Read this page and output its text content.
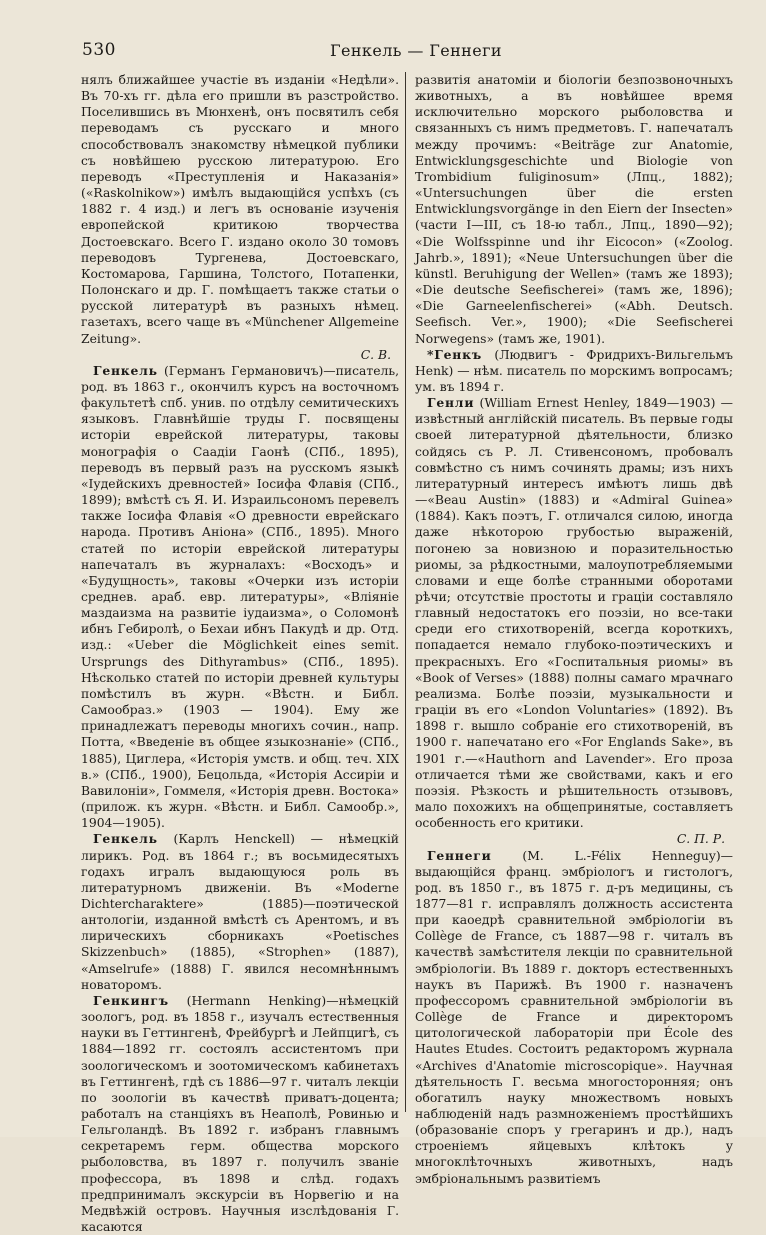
530	Генкель — Геннеги

нялъ ближайшее участіе въ изданіи «Недѣли». Въ 70-хъ гг. дѣла его пришли въ разстройство. Поселившись въ Мюнхенѣ, онъ посвятилъ себя переводамъ съ русскаго и много способствовалъ знакомству нѣмецкой публики съ новѣйшею русскою литературою. Его переводъ «Преступленія и Наказанія» («Raskolnikow») имѣлъ выдающійся успѣхъ (съ 1882 г. 4 изд.) и легъ въ основаніе изученія европейской критикою творчества Достоевскаго. Всего Г. издано около 30 томовъ переводовъ Тургенева, Достоевскаго, Костомарова, Гаршина, Толстого, Потапенки, Полонскаго и др. Г. помѣщаетъ также статьи о русской литературѣ въ разныхъ нѣмец. газетахъ, всего чаще въ «Münchener Allgemeine Zeitung».

С. В.

Генкель (Германъ Германовичъ)—писатель, род. въ 1863 г., окончилъ курсъ на восточномъ факультетѣ спб. унив. по отдѣлу семитическихъ языковъ. Главнѣйшіе труды Г. посвящены исторіи еврейской литературы, таковы монографія о Саадіи Гаонѣ (СПб., 1895), переводъ въ первый разъ на русскомъ языкѣ «Іудейскихъ древностей» Іосифа Флавія (СПб., 1899); вмѣстѣ съ Я. И. Израильсономъ перевелъ также Іосифа Флавія «О древности еврейскаго народа. Противъ Аніона» (СПб., 1895). Много статей по исторіи еврейской литературы напечаталъ въ журналахъ: «Восходъ» и «Будущность», таковы «Очерки изъ исторіи среднев. араб. евр. литературы», «Вліяніе маздаизма на развитіе іудаизма», о Соломонѣ ибнъ Гебиролѣ, о Бехаи ибнъ Пакудѣ и др. Отд. изд.: «Ueber die Möglichkeit eines semit. Ursprungs des Dithyrambus» (СПб., 1895). Нѣсколько статей по исторіи древней культуры помѣстилъ въ журн. «Вѣстн. и Библ. Самообраз.» (1903 — 1904). Ему же принадлежатъ переводы многихъ сочин., напр. Потта, «Введеніе въ общее языкознаніе» (СПб., 1885), Циглера, «Исторія умств. и общ. теч. XIX в.» (СПб., 1900), Бецольда, «Исторія Ассиріи и Вавилоніи», Гоммеля, «Исторія древн. Востока» (прилож. къ журн. «Вѣстн. и Библ. Самообр.», 1904—1905).

Генкель (Карлъ Henckell) — нѣмецкій лирикъ. Род. въ 1864 г.; въ восьмидесятыхъ годахъ игралъ выдающуюся роль въ литературномъ движеніи. Въ «Moderne Dichtercharaktere» (1885)—поэтической антологіи, изданной вмѣстѣ съ Арентомъ, и въ лирическихъ сборникахъ «Poetisches Skizzenbuch» (1885), «Strophen» (1887), «Amselrufe» (1888) Г. явился несомнѣннымъ новаторомъ.

Генкингъ (Hermann Henking)—нѣмецкій зоологъ, род. въ 1858 г., изучалъ естественныя науки въ Геттингенѣ, Фрейбургѣ и Лейпцигѣ, съ 1884—1892 гг. состоялъ ассистентомъ при зоологическомъ и зоотомическомъ кабинетахъ въ Геттингенѣ, гдѣ съ 1886—97 г. читалъ лекціи по зоологіи въ качествѣ приватъ-доцента; работалъ на станціяхъ въ Неаполѣ, Ровинью и Гельголандѣ. Въ 1892 г. избранъ главнымъ секретаремъ герм. общества морского рыболовства, въ 1897 г. получилъ званіе профессора, въ 1898 и слѣд. годахъ предпринималъ экскурсіи въ Норвегію и на Медвѣжій островъ. Научныя изслѣдованія Г. касаются

развитія анатоміи и біологіи безпозвоночныхъ животныхъ, а въ новѣйшее время исключительно морского рыболовства и связанныхъ съ нимъ предметовъ. Г. напечаталъ между прочимъ: «Beiträge zur Anatomie, Entwicklungsgeschichte und Biologie von Trombidium fuliginosum» (Лпц., 1882); «Untersuchungen über die ersten Entwicklungsvorgänge in den Eiern der Insecten» (части I—III, съ 18-ю табл., Лпц., 1890—92); «Die Wolfsspinne und ihr Eicocon» («Zoolog. Jahrb.», 1891); «Neue Untersuchungen über die künstl. Beruhigung der Wellen» (тамъ же 1893); «Die deutsche Seefischerei» (тамъ же, 1896); «Die Garneelenfischerei» («Abh. Deutsch. Seefisch. Ver.», 1900); «Die Seefischerei Norwegens» (тамъ же, 1901).

*Генкъ (Людвигъ - Фридрихъ-Вильгельмъ Henk) — нѣм. писатель по морскимъ вопросамъ; ум. въ 1894 г.

Генли (William Ernest Henley, 1849—1903) — извѣстный англійскій писатель. Въ первые годы своей литературной дѣятельности, близко сойдясь съ Р. Л. Стивенсономъ, пробовалъ совмѣстно съ нимъ сочинять драмы; изъ нихъ литературный интересъ имѣютъ лишь двѣ—«Beau Austin» (1883) и «Admiral Guinea» (1884). Какъ поэтъ, Г. отличался силою, иногда даже нѣкоторою грубостью выраженій, погонею за новизною и поразительностью риомы, за рѣдкостными, малоупотребляемыми словами и еще болѣе странными оборотами рѣчи; отсутствіе простоты и граціи составляло главный недостатокъ его поэзіи, но все-таки среди его стихотвореній, всегда короткихъ, попадается немало глубоко-поэтическихъ и прекрасныхъ. Его «Госпитальныя риомы» въ «Book of Verses» (1888) полны самаго мрачнаго реализма. Болѣе поэзіи, музыкальности и граціи въ его «London Voluntaries» (1892). Въ 1898 г. вышло собраніе его стихотвореній, въ 1900 г. напечатано его «For Englands Sake», въ 1901 г.—«Hauthorn and Lavender». Его проза отличается тѣми же свойствами, какъ и его поэзія. Рѣзкость и рѣшительность отзывовъ, мало похожихъ на общепринятые, составляетъ особенность его критики.

С. П. Р.

Геннеги (M. L.-Félix Henneguy)—выдающійся франц. эмбріологъ и гистологъ, род. въ 1850 г., въ 1875 г. д-ръ медицины, съ 1877—81 г. исправлялъ должность ассистента при каоедрѣ сравнительной эмбріологіи въ Collège de France, съ 1887—98 г. читалъ въ качествѣ замѣстителя лекціи по сравнительной эмбріологіи. Въ 1889 г. докторъ естественныхъ наукъ въ Парижѣ. Въ 1900 г. назначенъ профессоромъ сравнительной эмбріологіи въ Collège de France и директоромъ цитологической лабораторіи при École des Hautes Etudes. Состоитъ редакторомъ журнала «Archives d'Anatomie microscopique». Научная дѣятельность Г. весьма многосторонняя; онъ обогатилъ науку множествомъ новыхъ наблюденій надъ размноженіемъ простѣйшихъ (образованіе споръ у грегаринъ и др.), надъ строеніемъ яйцевыхъ клѣтокъ у многоклѣточныхъ животныхъ, надъ эмбріональнымъ развитіемъ
